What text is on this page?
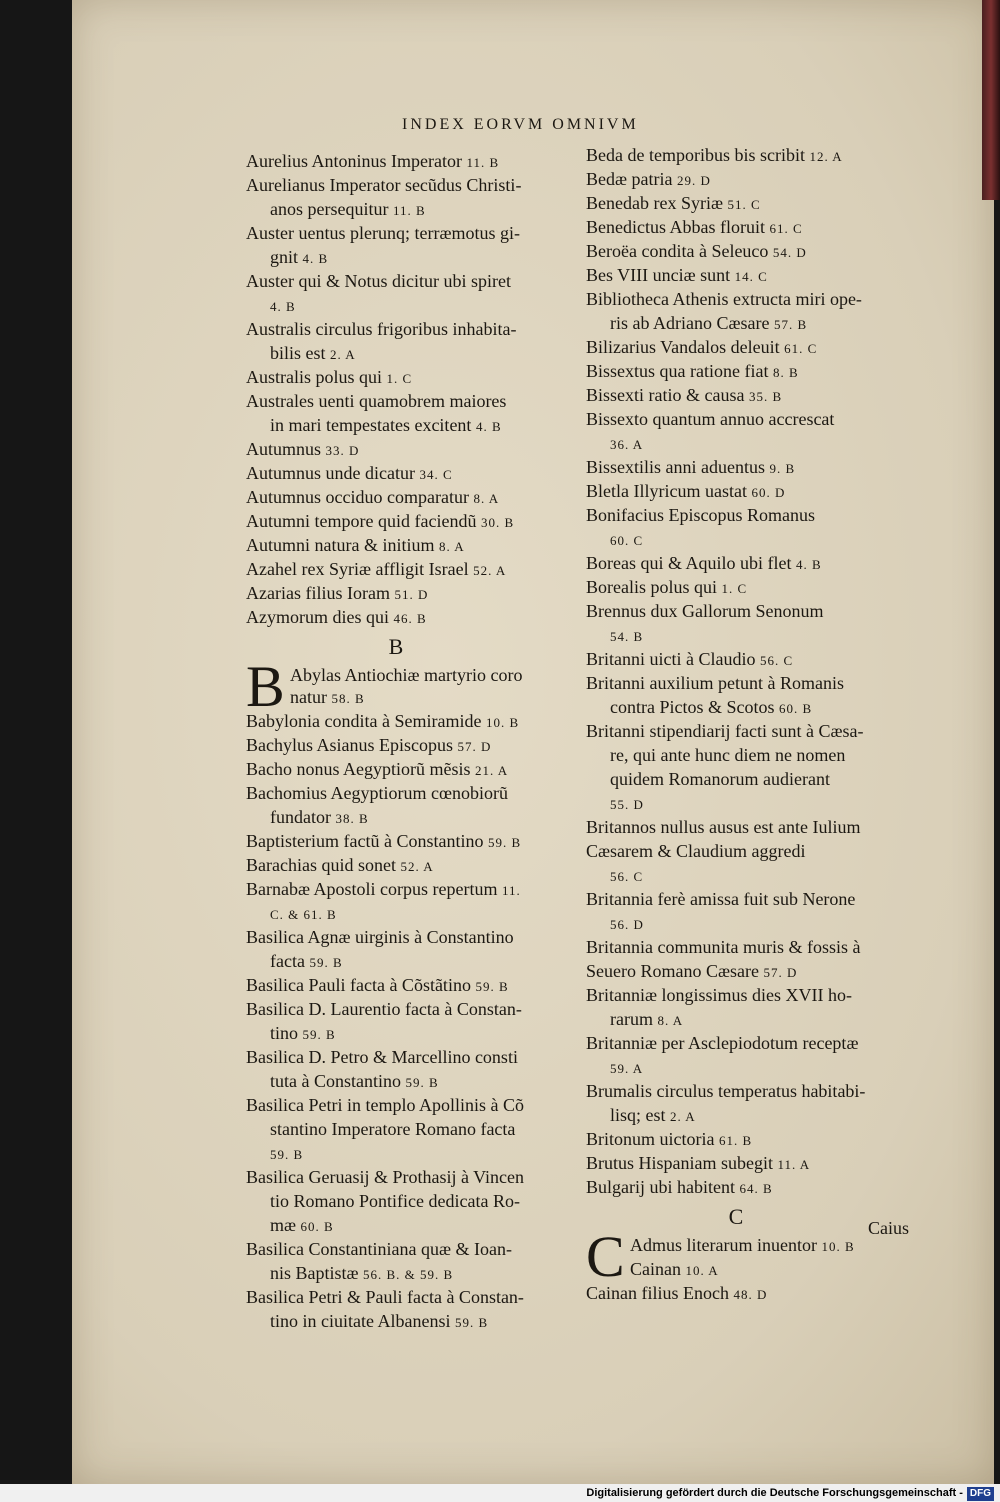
INDEX EORVM OMNIVM
Aurelius Antoninus Imperator 11. B
Aurelianus Imperator secũdus Christi-
anos persequitur 11. B
Auster uentus plerunq; terræmotus gi-
gnit 4. B
Auster qui & Notus dicitur ubi spiret
4. B
Australis circulus frigoribus inhabita-
bilis est 2. A
Australis polus qui 1. C
Australes uenti quamobrem maiores
in mari tempestates excitent 4. B
Autumnus 33. D
Autumnus unde dicatur 34. C
Autumnus occiduo comparatur 8. A
Autumni tempore quid faciendũ 30. B
Autumni natura & initium 8. A
Azahel rex Syriæ affligit Israel 52. A
Azarias filius Ioram 51. D
Azymorum dies qui 46. B
B
B Abylas Antiochiæ martyrio coro
natur 58. B
Babylonia condita à Semiramide 10. B
Bachylus Asianus Episcopus 57. D
Bacho nonus Aegyptiorũ mẽsis 21. A
Bachomius Aegyptiorum cœnobiorũ
fundator 38. B
Baptisterium factũ à Constantino 59. B
Barachias quid sonet 52. A
Barnabæ Apostoli corpus repertum 11.
C. & 61. B
Basilica Agnæ uirginis à Constantino
facta 59. B
Basilica Pauli facta à Cõstãtino 59. B
Basilica D. Laurentio facta à Constan-
tino 59. B
Basilica D. Petro & Marcellino consti
tuta à Constantino 59. B
Basilica Petri in templo Apollinis à Cõ
stantino Imperatore Romano facta
59. B
Basilica Geruasij & Prothasij à Vincen
tio Romano Pontifice dedicata Ro-
mæ 60. B
Basilica Constantiniana quæ & Ioan-
nis Baptistæ 56. B. & 59. B
Basilica Petri & Pauli facta à Constan-
tino in ciuitate Albanensi 59. B
Beda de temporibus bis scribit 12. A
Bedæ patria 29. D
Benedab rex Syriæ 51. C
Benedictus Abbas floruit 61. C
Beroëa condita à Seleuco 54. D
Bes VIII unciæ sunt 14. C
Bibliotheca Athenis extructa miri ope-
ris ab Adriano Cæsare 57. B
Bilizarius Vandalos deleuit 61. C
Bissextus qua ratione fiat 8. B
Bissexti ratio & causa 35. B
Bissexto quantum annuo accrescat
36. A
Bissextilis anni aduentus 9. B
Bletla Illyricum uastat 60. D
Bonifacius Episcopus Romanus
60. C
Boreas qui & Aquilo ubi flet 4. B
Borealis polus qui 1. C
Brennus dux Gallorum Senonum
54. B
Britanni uicti à Claudio 56. C
Britanni auxilium petunt à Romanis
contra Pictos & Scotos 60. B
Britanni stipendiarij facti sunt à Cæsa-
re, qui ante hunc diem ne nomen
quidem Romanorum audierant
55. D
Britannos nullus ausus est ante Iulium
Cæsarem & Claudium aggredi
56. C
Britannia ferè amissa fuit sub Nerone
56. D
Britannia communita muris & fossis à
Seuero Romano Cæsare 57. D
Britanniæ longissimus dies XVII ho-
rarum 8. A
Britanniæ per Asclepiodotum receptæ
59. A
Brumalis circulus temperatus habitabi-
lisq; est 2. A
Britonum uictoria 61. B
Brutus Hispaniam subegit 11. A
Bulgarij ubi habitent 64. B
C
C Admus literarum inuentor 10. B
Cainan 10. A
Cainan filius Enoch 48. D
Caius
Digitalisierung gefördert durch die Deutsche Forschungsgemeinschaft - DFG
